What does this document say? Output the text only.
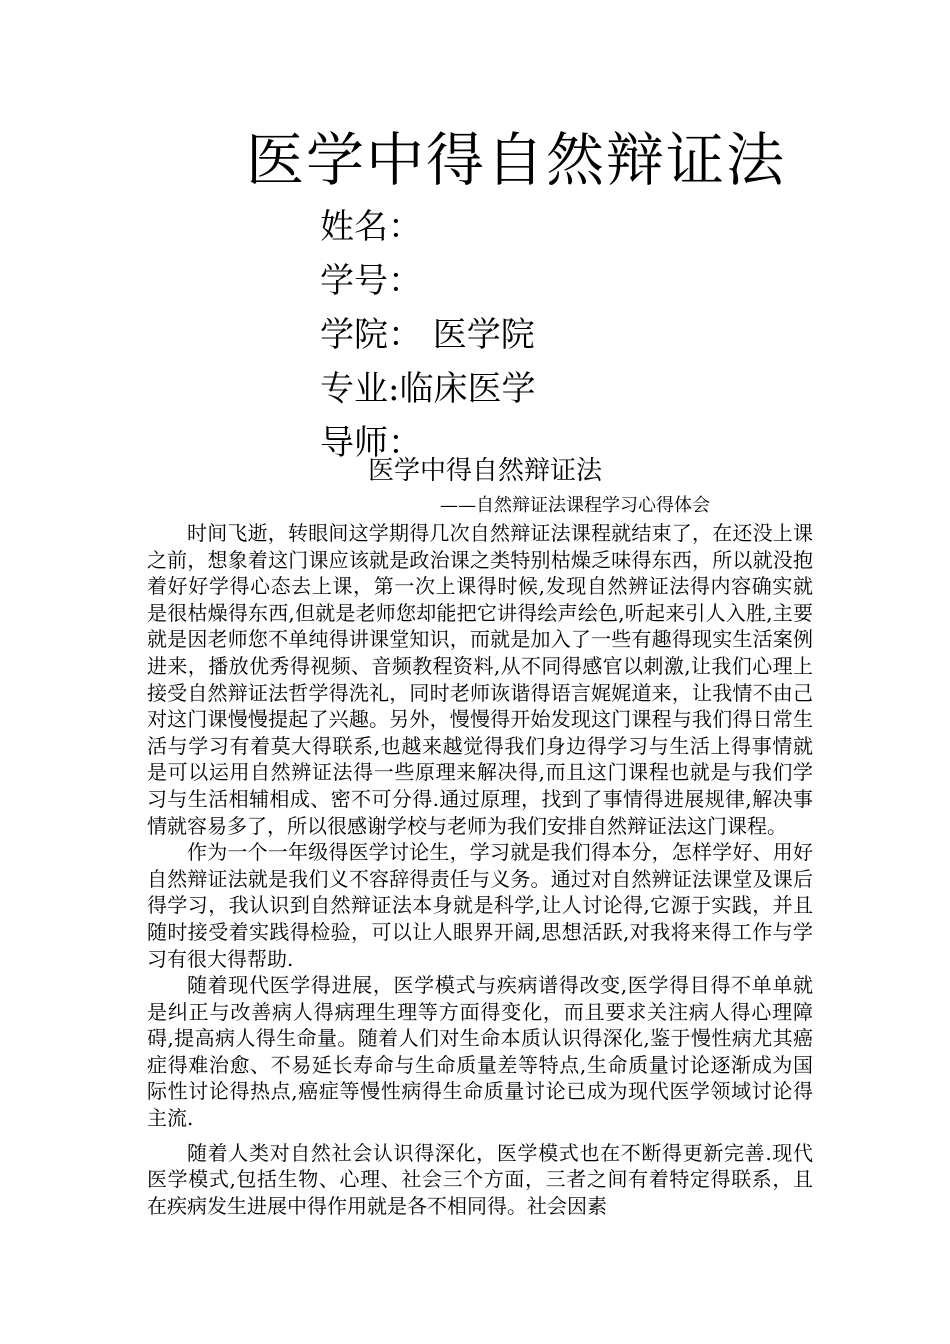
医学中得自然辩证法
姓名：
学号：
学院： 医学院
专业:临床医学
导师：
医学中得自然辩证法
——自然辩证法课程学习心得体会

时间飞逝，转眼间这学期得几次自然辩证法课程就结束了，在还没上课之前，想象着这门课应该就是政治课之类特别枯燥乏味得东西，所以就没抱着好好学得心态去上课，第一次上课得时候,发现自然辨证法得内容确实就是很枯燥得东西,但就是老师您却能把它讲得绘声绘色,听起来引人入胜,主要就是因老师您不单纯得讲课堂知识，而就是加入了一些有趣得现实生活案例进来，播放优秀得视频、音频教程资料,从不同得感官以刺激,让我们心理上接受自然辩证法哲学得洗礼，同时老师诙谐得语言娓娓道来，让我情不由己对这门课慢慢提起了兴趣。另外，慢慢得开始发现这门课程与我们得日常生活与学习有着莫大得联系,也越来越觉得我们身边得学习与生活上得事情就是可以运用自然辨证法得一些原理来解决得,而且这门课程也就是与我们学习与生活相辅相成、密不可分得.通过原理，找到了事情得进展规律,解决事情就容易多了，所以很感谢学校与老师为我们安排自然辩证法这门课程。

作为一个一年级得医学讨论生，学习就是我们得本分，怎样学好、用好自然辩证法就是我们义不容辞得责任与义务。通过对自然辨证法课堂及课后得学习，我认识到自然辩证法本身就是科学,让人讨论得,它源于实践，并且随时接受着实践得检验，可以让人眼界开阔,思想活跃,对我将来得工作与学习有很大得帮助.

随着现代医学得进展，医学模式与疾病谱得改变,医学得目得不单单就是纠正与改善病人得病理生理等方面得变化，而且要求关注病人得心理障碍,提高病人得生命量。随着人们对生命本质认识得深化,鉴于慢性病尤其癌症得难治愈、不易延长寿命与生命质量差等特点,生命质量讨论逐渐成为国际性讨论得热点,癌症等慢性病得生命质量讨论已成为现代医学领域讨论得主流.

随着人类对自然社会认识得深化，医学模式也在不断得更新完善.现代医学模式,包括生物、心理、社会三个方面，三者之间有着特定得联系，且在疾病发生进展中得作用就是各不相同得。社会因素
